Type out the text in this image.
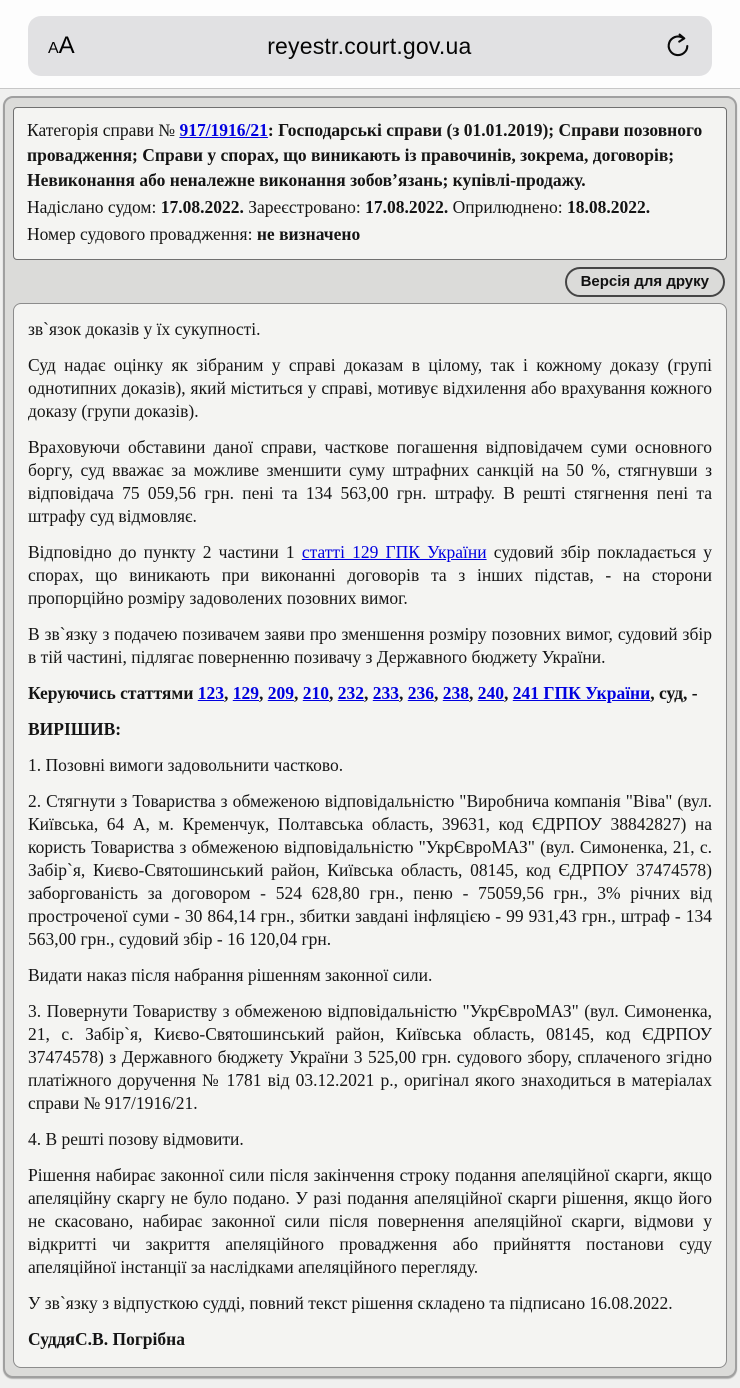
A A	reyestr.court.gov.ua

Категорія справи № 917/1916/21: Господарські справи (з 01.01.2019); Справи позовного провадження; Справи у спорах, що виникають із правочинів, зокрема, договорів; Невиконання або неналежне виконання зобов’язань; купівлі-продажу.

Надіслано судом: 17.08.2022. Зареєстровано: 17.08.2022. Оприлюднено: 18.08.2022.

Номер судового провадження: не визначено

Версія для друку

зв`язок доказів у їх сукупності.

Суд надає оцінку як зібраним у справі доказам в цілому, так і кожному доказу (групі однотипних доказів), який міститься у справі, мотивує відхилення або врахування кожного доказу (групи доказів).

Враховуючи обставини даної справи, часткове погашення відповідачем суми основного боргу, суд вважає за можливе зменшити суму штрафних санкцій на 50 %, стягнувши з відповідача 75 059,56 грн. пені та 134 563,00 грн. штрафу. В решті стягнення пені та штрафу суд відмовляє.

Відповідно до пункту 2 частини 1 статті 129 ГПК України судовий збір покладається у спорах, що виникають при виконанні договорів та з інших підстав, - на сторони пропорційно розміру задоволених позовних вимог.

В зв`язку з подачею позивачем заяви про зменшення розміру позовних вимог, судовий збір в тій частині, підлягає поверненню позивачу з Державного бюджету України.

Керуючись статтями 123, 129, 209, 210, 232, 233, 236, 238, 240, 241 ГПК України, суд, -

ВИРІШИВ:

1. Позовні вимоги задовольнити частково.

2. Стягнути з Товариства з обмеженою відповідальністю "Виробнича компанія "Віва" (вул. Київська, 64 А, м. Кременчук, Полтавська область, 39631, код ЄДРПОУ 38842827) на користь Товариства з обмеженою відповідальністю "УкрЄвроМАЗ" (вул. Симоненка, 21, с. Забір`я, Києво-Святошинський район, Київська область, 08145, код ЄДРПОУ 37474578) заборгованість за договором - 524 628,80 грн., пеню - 75059,56 грн., 3% річних від простроченої суми - 30 864,14 грн., збитки завдані інфляцією - 99 931,43 грн., штраф - 134 563,00 грн., судовий збір - 16 120,04 грн.

Видати наказ після набрання рішенням законної сили.

3. Повернути Товариству з обмеженою відповідальністю "УкрЄвроМАЗ" (вул. Симоненка, 21, с. Забір`я, Києво-Святошинський район, Київська область, 08145, код ЄДРПОУ 37474578) з Державного бюджету України 3 525,00 грн. судового збору, сплаченого згідно платіжного доручення № 1781 від 03.12.2021 р., оригінал якого знаходиться в матеріалах справи № 917/1916/21.

4. В решті позову відмовити.

Рішення набирає законної сили після закінчення строку подання апеляційної скарги, якщо апеляційну скаргу не було подано. У разі подання апеляційної скарги рішення, якщо його не скасовано, набирає законної сили після повернення апеляційної скарги, відмови у відкритті чи закриття апеляційного провадження або прийняття постанови суду апеляційної інстанції за наслідками апеляційного перегляду.

У зв`язку з відпусткою судді, повний текст рішення складено та підписано 16.08.2022.

СуддяС.В. Погрібна
